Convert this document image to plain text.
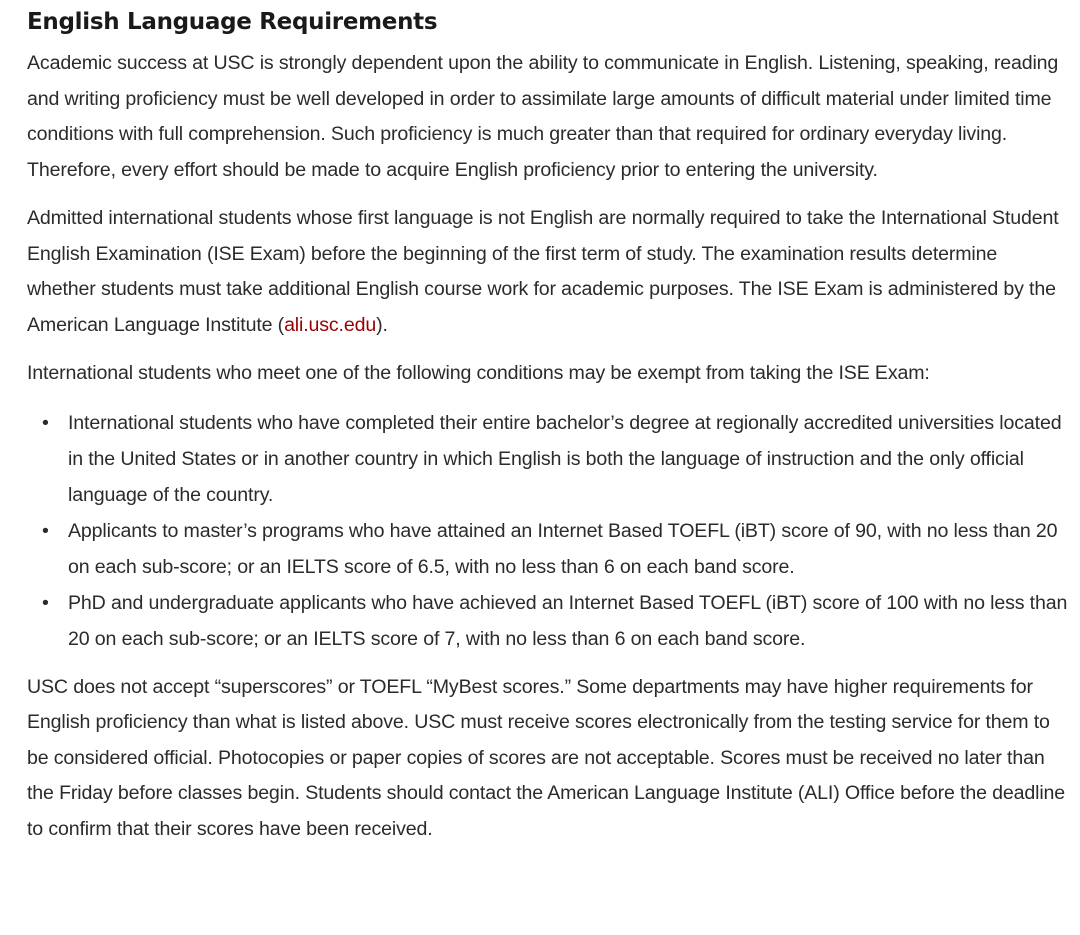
English Language Requirements

Academic success at USC is strongly dependent upon the ability to communicate in English. Listening, speaking, reading and writing proficiency must be well developed in order to assimilate large amounts of difficult material under limited time conditions with full comprehension. Such proficiency is much greater than that required for ordinary everyday living. Therefore, every effort should be made to acquire English proficiency prior to entering the university.

Admitted international students whose first language is not English are normally required to take the International Student English Examination (ISE Exam) before the beginning of the first term of study. The examination results determine whether students must take additional English course work for academic purposes. The ISE Exam is administered by the American Language Institute (ali.usc.edu).

International students who meet one of the following conditions may be exempt from taking the ISE Exam:

• International students who have completed their entire bachelor’s degree at regionally accredited universities located in the United States or in another country in which English is both the language of instruction and the only official language of the country.
• Applicants to master’s programs who have attained an Internet Based TOEFL (iBT) score of 90, with no less than 20 on each sub-score; or an IELTS score of 6.5, with no less than 6 on each band score.
• PhD and undergraduate applicants who have achieved an Internet Based TOEFL (iBT) score of 100 with no less than 20 on each sub-score; or an IELTS score of 7, with no less than 6 on each band score.

USC does not accept “superscores” or TOEFL “MyBest scores.” Some departments may have higher requirements for English proficiency than what is listed above. USC must receive scores electronically from the testing service for them to be considered official. Photocopies or paper copies of scores are not acceptable. Scores must be received no later than the Friday before classes begin. Students should contact the American Language Institute (ALI) Office before the deadline to confirm that their scores have been received.
